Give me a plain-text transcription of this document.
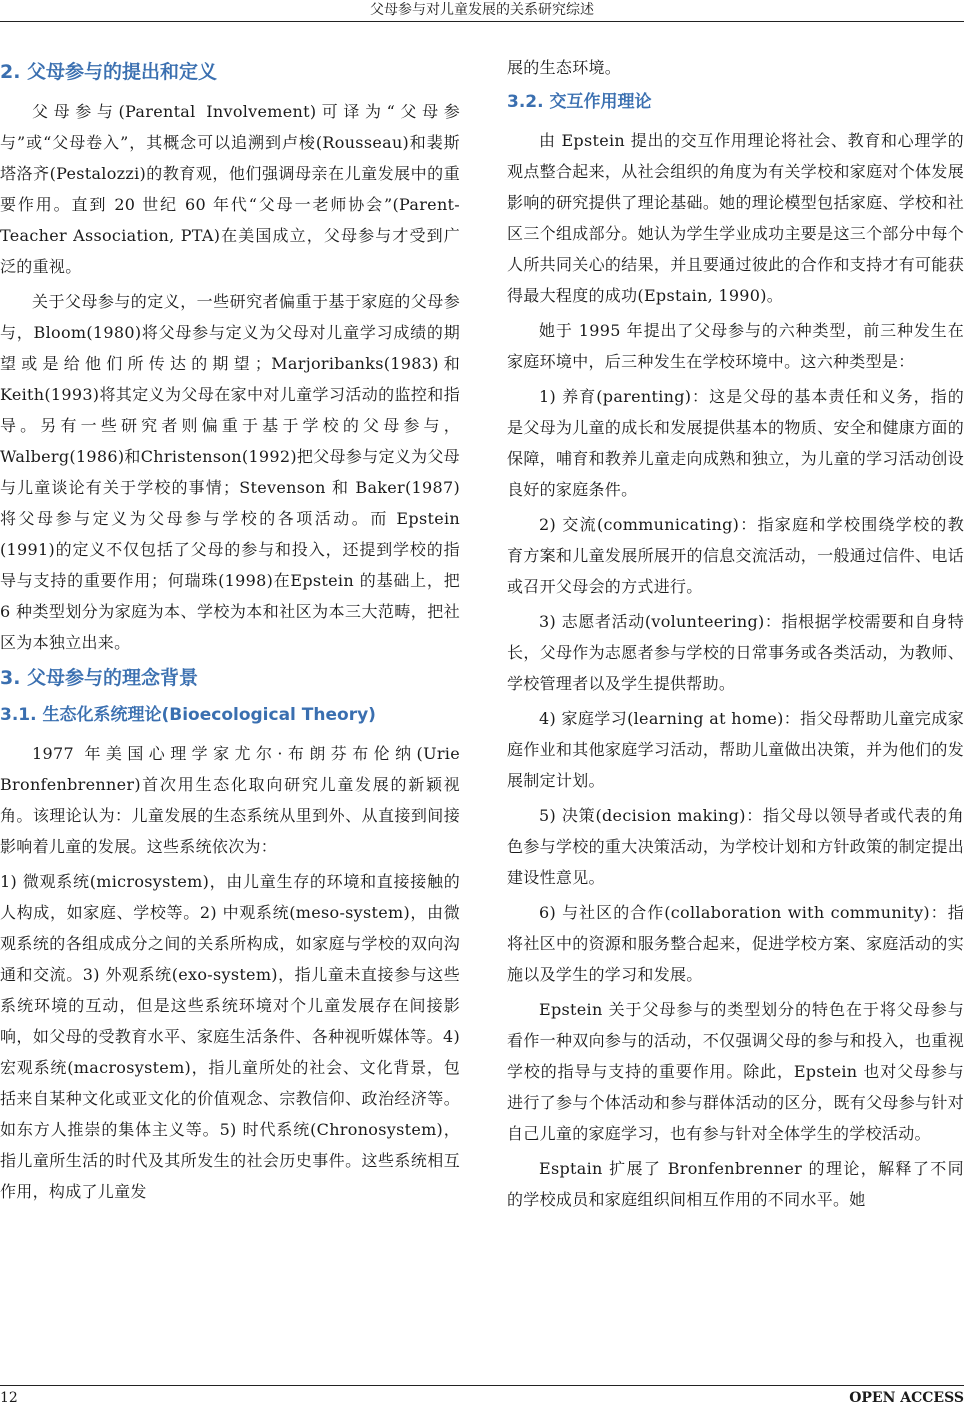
父母参与对儿童发展的关系研究综述
2. 父母参与的提出和定义

父母参与(Parental Involvement)可译为“父母参与”或“父母卷入”，其概念可以追溯到卢梭(Rousseau)和裴斯塔洛齐(Pestalozzi)的教育观，他们强调母亲在儿童发展中的重要作用。直到 20 世纪 60 年代“父母一老师协会”(Parent-Teacher Association, PTA)在美国成立，父母参与才受到广泛的重视。

关于父母参与的定义，一些研究者偏重于基于家庭的父母参与，Bloom(1980)将父母参与定义为父母对儿童学习成绩的期望或是给他们所传达的期望；Marjoribanks(1983)和 Keith(1993)将其定义为父母在家中对儿童学习活动的监控和指导。另有一些研究者则偏重于基于学校的父母参与，Walberg(1986)和Christenson(1992)把父母参与定义为父母与儿童谈论有关于学校的事情；Stevenson 和 Baker(1987)将父母参与定义为父母参与学校的各项活动。而 Epstein (1991)的定义不仅包括了父母的参与和投入，还提到学校的指导与支持的重要作用；何瑞珠(1998)在Epstein 的基础上，把 6 种类型划分为家庭为本、学校为本和社区为本三大范畴，把社区为本独立出来。

3. 父母参与的理念背景
3.1. 生态化系统理论(Bioecological Theory)

1977 年美国心理学家尤尔·布朗芬布伦纳(Urie Bronfenbrenner)首次用生态化取向研究儿童发展的新颖视角。该理论认为：儿童发展的生态系统从里到外、从直接到间接影响着儿童的发展。这些系统依次为：

1) 微观系统(microsystem)，由儿童生存的环境和直接接触的人构成，如家庭、学校等。2) 中观系统(meso-system)，由微观系统的各组成成分之间的关系所构成，如家庭与学校的双向沟通和交流。3) 外观系统(exo-system)，指儿童未直接参与这些系统环境的互动，但是这些系统环境对个儿童发展存在间接影响，如父母的受教育水平、家庭生活条件、各种视听媒体等。4) 宏观系统(macrosystem)，指儿童所处的社会、文化背景，包括来自某种文化或亚文化的价值观念、宗教信仰、政治经济等。如东方人推崇的集体主义等。5) 时代系统(Chronosystem)，指儿童所生活的时代及其所发生的社会历史事件。这些系统相互作用，构成了儿童发

展的生态环境。

3.2. 交互作用理论

由 Epstein 提出的交互作用理论将社会、教育和心理学的观点整合起来，从社会组织的角度为有关学校和家庭对个体发展影响的研究提供了理论基础。她的理论模型包括家庭、学校和社区三个组成部分。她认为学生学业成功主要是这三个部分中每个人所共同关心的结果，并且要通过彼此的合作和支持才有可能获得最大程度的成功(Epstain, 1990)。

她于 1995 年提出了父母参与的六种类型，前三种发生在家庭环境中，后三种发生在学校环境中。这六种类型是：

1) 养育(parenting)：这是父母的基本责任和义务，指的是父母为儿童的成长和发展提供基本的物质、安全和健康方面的保障，哺育和教养儿童走向成熟和独立，为儿童的学习活动创设良好的家庭条件。

2) 交流(communicating)：指家庭和学校围绕学校的教育方案和儿童发展所展开的信息交流活动，一般通过信件、电话或召开父母会的方式进行。

3) 志愿者活动(volunteering)：指根据学校需要和自身特长，父母作为志愿者参与学校的日常事务或各类活动，为教师、学校管理者以及学生提供帮助。

4) 家庭学习(learning at home)：指父母帮助儿童完成家庭作业和其他家庭学习活动，帮助儿童做出决策，并为他们的发展制定计划。

5) 决策(decision making)：指父母以领导者或代表的角色参与学校的重大决策活动，为学校计划和方针政策的制定提出建设性意见。

6) 与社区的合作(collaboration with community)：指将社区中的资源和服务整合起来，促进学校方案、家庭活动的实施以及学生的学习和发展。

Epstein 关于父母参与的类型划分的特色在于将父母参与看作一种双向参与的活动，不仅强调父母的参与和投入，也重视学校的指导与支持的重要作用。除此，Epstein 也对父母参与进行了参与个体活动和参与群体活动的区分，既有父母参与针对自己儿童的家庭学习，也有参与针对全体学生的学校活动。

Esptain 扩展了 Bronfenbrenner 的理论，解释了不同的学校成员和家庭组织间相互作用的不同水平。她

12	OPEN ACCESS
